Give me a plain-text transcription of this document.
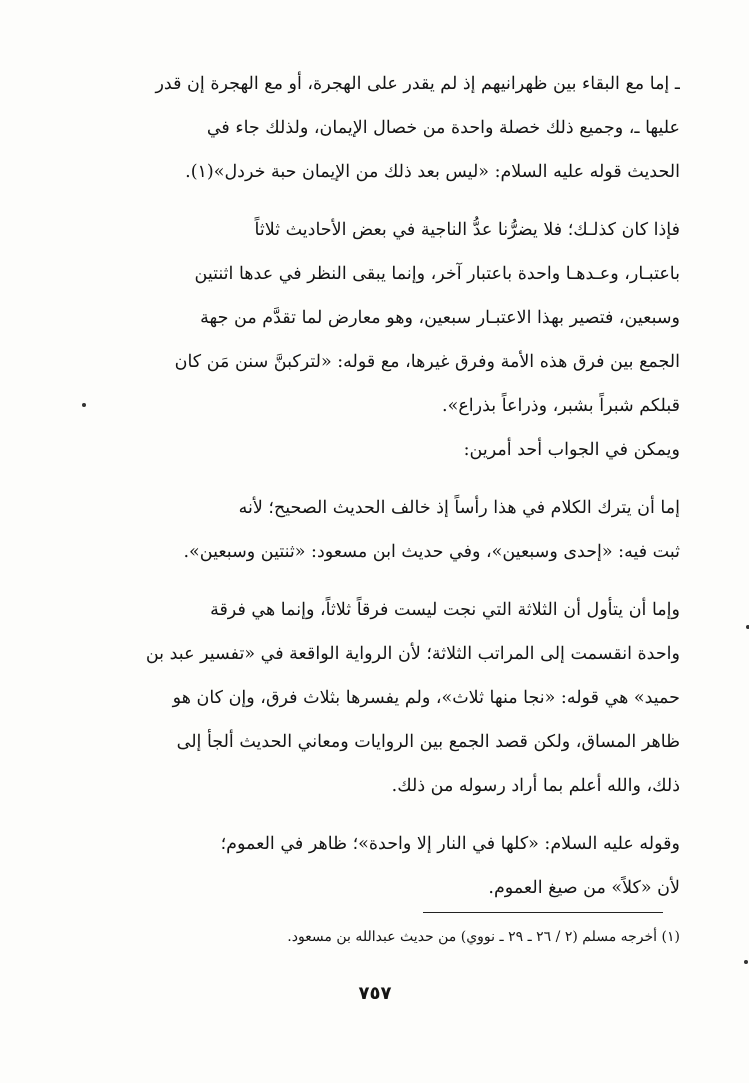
ـ إما مع البقاء بين ظهرانيهم إذ لم يقدر على الهجرة، أو مع الهجرة إن قدر
عليها ـ، وجميع ذلك خصلة واحدة من خصال الإيمان، ولذلك جاء في
الحديث قوله عليه السلام: «ليس بعد ذلك من الإيمان حبة خردل»(١).
فإذا كان كذلـك؛ فلا يضرُّنا عدُّ الناجية في بعض الأحاديث ثلاثاً
باعتبـار، وعـدهـا واحدة باعتبار آخر، وإنما يبقى النظر في عدها اثنتين
وسبعين، فتصير بهذا الاعتبـار سبعين، وهو معارض لما تقدَّم من جهة
الجمع بين فرق هذه الأمة وفرق غيرها، مع قوله: «لتركبنَّ سنن مَن كان
قبلكم شبراً بشبر، وذراعاً بذراع».
ويمكن في الجواب أحد أمرين:
إما أن يترك الكلام في هذا رأساً إذ خالف الحديث الصحيح؛ لأنه
ثبت فيه: «إحدى وسبعين»، وفي حديث ابن مسعود: «ثنتين وسبعين».
وإما أن يتأول أن الثلاثة التي نجت ليست فرقاً ثلاثاً، وإنما هي فرقة
واحدة انقسمت إلى المراتب الثلاثة؛ لأن الرواية الواقعة في «تفسير عبد بن
حميد» هي قوله: «نجا منها ثلاث»، ولم يفسرها بثلاث فرق، وإن كان هو
ظاهر المساق، ولكن قصد الجمع بين الروايات ومعاني الحديث ألجأ إلى
ذلك، والله أعلم بما أراد رسوله من ذلك.
وقوله عليه السلام: «كلها في النار إلا واحدة»؛ ظاهر في العموم؛
لأن «كلاً» من صيغ العموم.
(١) أخرجه مسلم (٢ / ٢٦ ـ ٢٩ ـ نووي) من حديث عبدالله بن مسعود.
٧٥٧
